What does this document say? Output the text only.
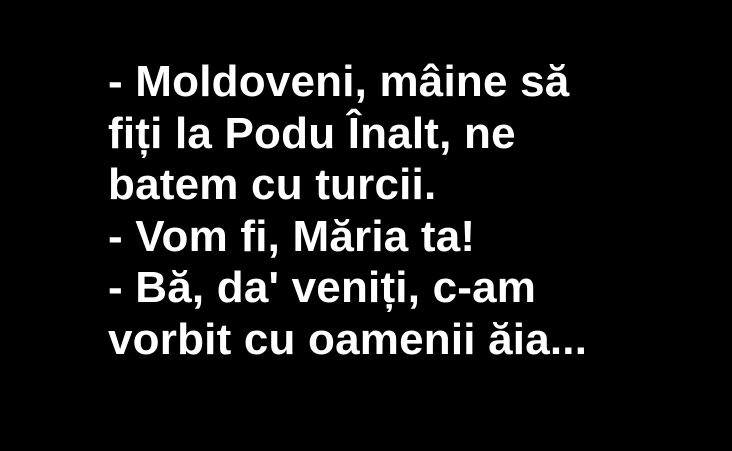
- Moldoveni, mâine să
fiți la Podu Înalt, ne
batem cu turcii.
- Vom fi, Măria ta!
- Bă, da' veniți, c-am
vorbit cu oamenii ăia...
